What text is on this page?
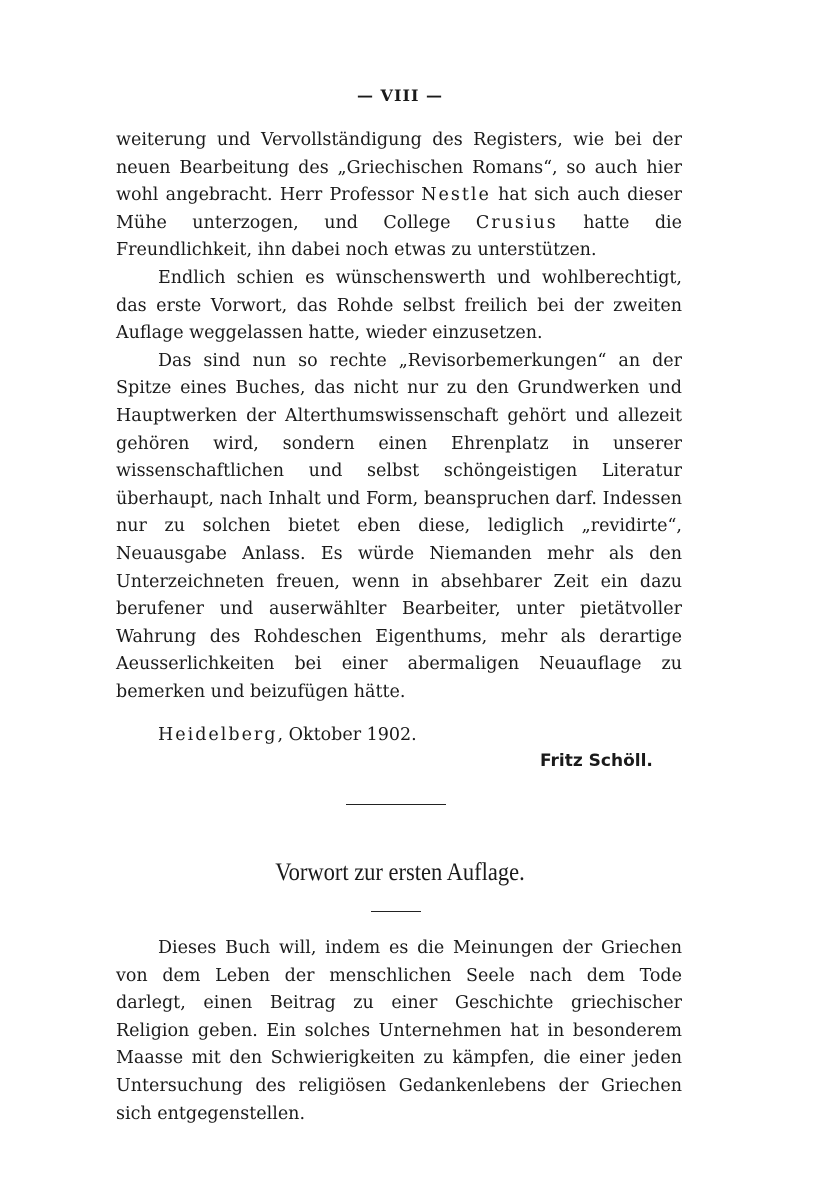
— VIII —

weiterung und Vervollständigung des Registers, wie bei der neuen Bearbeitung des „Griechischen Romans“, so auch hier wohl angebracht. Herr Professor Nestle hat sich auch dieser Mühe unterzogen, und College Crusius hatte die Freundlichkeit, ihn dabei noch etwas zu unterstützen.

Endlich schien es wünschenswerth und wohlberechtigt, das erste Vorwort, das Rohde selbst freilich bei der zweiten Auflage weggelassen hatte, wieder einzusetzen.

Das sind nun so rechte „Revisorbemerkungen“ an der Spitze eines Buches, das nicht nur zu den Grundwerken und Hauptwerken der Alterthumswissenschaft gehört und allezeit gehören wird, sondern einen Ehrenplatz in unserer wissenschaftlichen und selbst schöngeistigen Literatur überhaupt, nach Inhalt und Form, beanspruchen darf. Indessen nur zu solchen bietet eben diese, lediglich „revidirte“, Neuausgabe Anlass. Es würde Niemanden mehr als den Unterzeichneten freuen, wenn in absehbarer Zeit ein dazu berufener und auserwählter Bearbeiter, unter pietätvoller Wahrung des Rohdeschen Eigenthums, mehr als derartige Aeusserlichkeiten bei einer abermaligen Neuauflage zu bemerken und beizufügen hätte.

Heidelberg, Oktober 1902.
Fritz Schöll.
Vorwort zur ersten Auflage.

Dieses Buch will, indem es die Meinungen der Griechen von dem Leben der menschlichen Seele nach dem Tode darlegt, einen Beitrag zu einer Geschichte griechischer Religion geben. Ein solches Unternehmen hat in besonderem Maasse mit den Schwierigkeiten zu kämpfen, die einer jeden Untersuchung des religiösen Gedankenlebens der Griechen sich entgegenstellen.
